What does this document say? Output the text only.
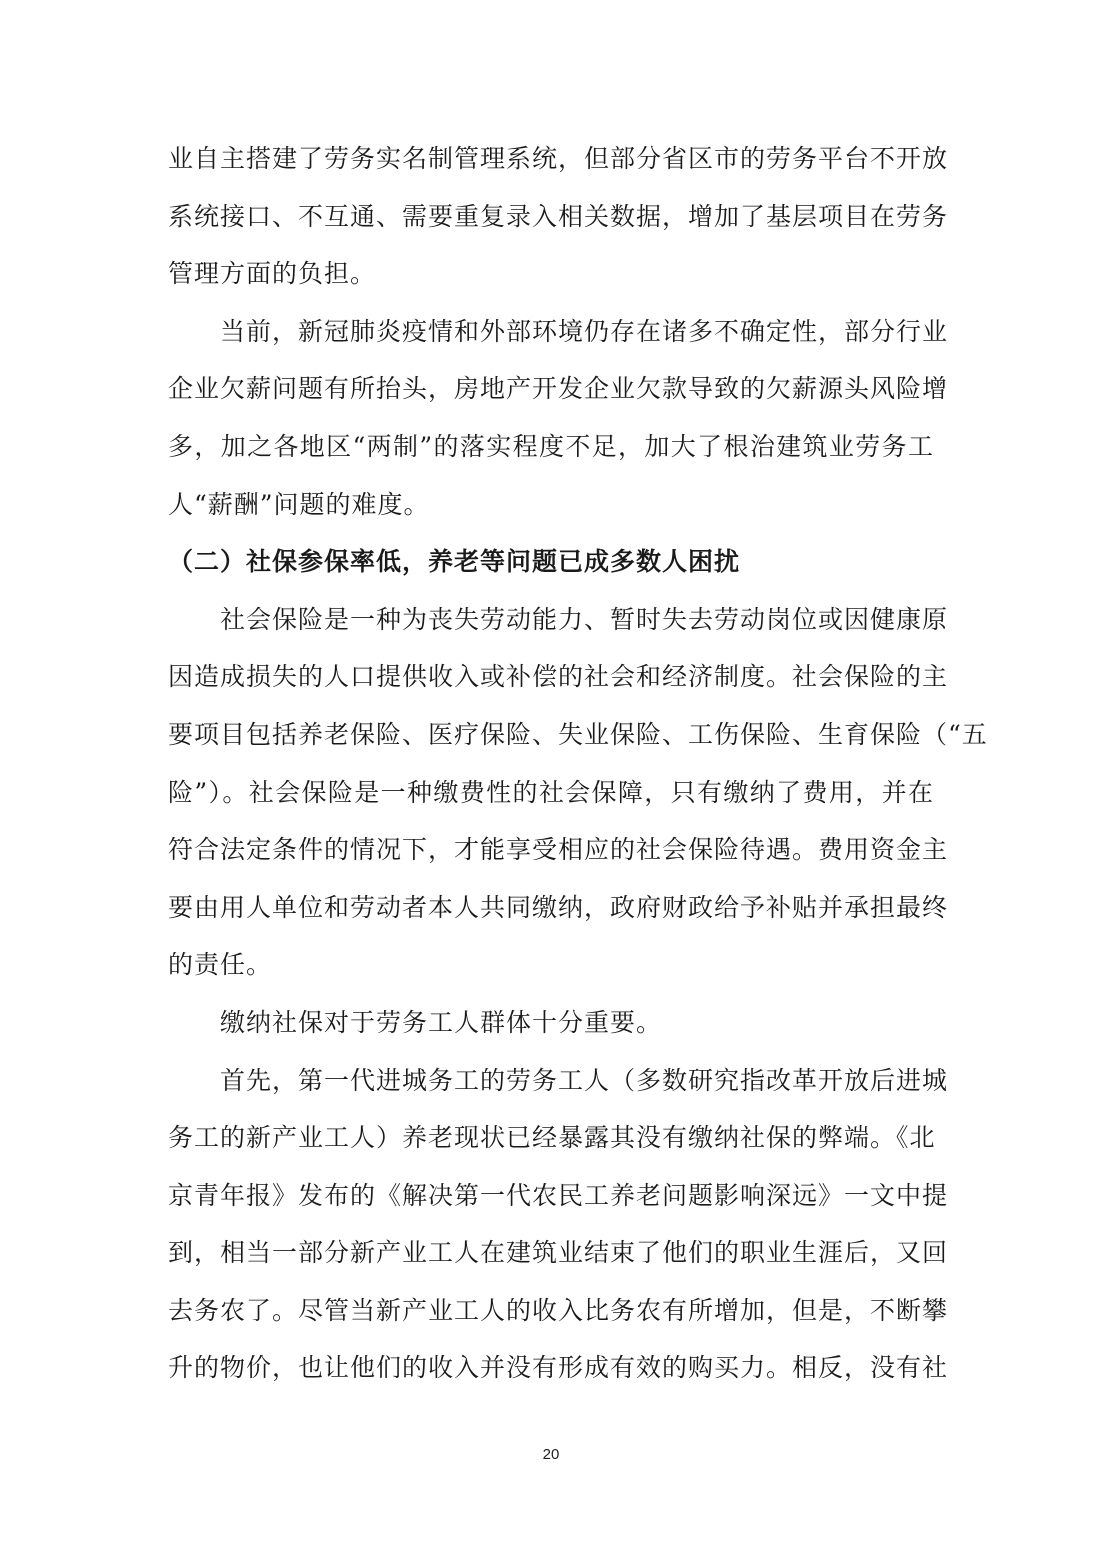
业自主搭建了劳务实名制管理系统，但部分省区市的劳务平台不开放
系统接口、不互通、需要重复录入相关数据，增加了基层项目在劳务
管理方面的负担。
当前，新冠肺炎疫情和外部环境仍存在诸多不确定性，部分行业
企业欠薪问题有所抬头，房地产开发企业欠款导致的欠薪源头风险增
多，加之各地区“两制”的落实程度不足，加大了根治建筑业劳务工
人“薪酬”问题的难度。
（二）社保参保率低，养老等问题已成多数人困扰
社会保险是一种为丧失劳动能力、暂时失去劳动岗位或因健康原
因造成损失的人口提供收入或补偿的社会和经济制度。社会保险的主
要项目包括养老保险、医疗保险、失业保险、工伤保险、生育保险（“五
险”）。社会保险是一种缴费性的社会保障，只有缴纳了费用，并在
符合法定条件的情况下，才能享受相应的社会保险待遇。费用资金主
要由用人单位和劳动者本人共同缴纳，政府财政给予补贴并承担最终
的责任。
缴纳社保对于劳务工人群体十分重要。
首先，第一代进城务工的劳务工人（多数研究指改革开放后进城
务工的新产业工人）养老现状已经暴露其没有缴纳社保的弊端。《北
京青年报》发布的《解决第一代农民工养老问题影响深远》一文中提
到，相当一部分新产业工人在建筑业结束了他们的职业生涯后，又回
去务农了。尽管当新产业工人的收入比务农有所增加，但是，不断攀
升的物价，也让他们的收入并没有形成有效的购买力。相反，没有社
20
